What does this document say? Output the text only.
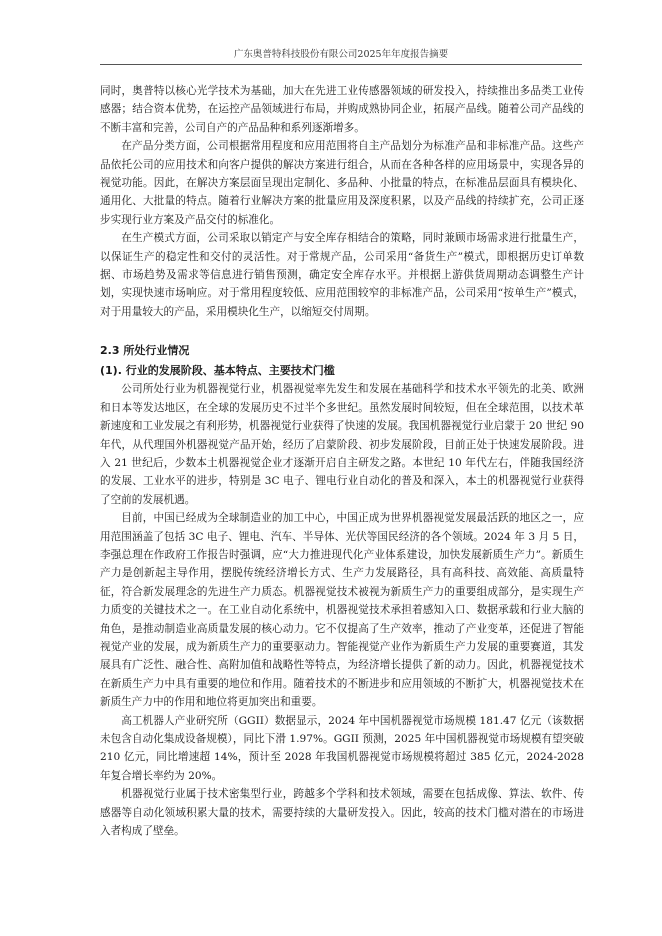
广东奥普特科技股份有限公司2025年年度报告摘要

同时，奥普特以核心光学技术为基础，加大在先进工业传感器领域的研发投入，持续推出多品类工业传感器；结合资本优势，在运控产品领域进行布局，并购成熟协同企业，拓展产品线。随着公司产品线的不断丰富和完善，公司自产的产品品种和系列逐渐增多。

在产品分类方面，公司根据常用程度和应用范围将自主产品划分为标准产品和非标准产品。这些产品依托公司的应用技术和向客户提供的解决方案进行组合，从而在各种各样的应用场景中，实现各异的视觉功能。因此，在解决方案层面呈现出定制化、多品种、小批量的特点，在标准品层面具有模块化、通用化、大批量的特点。随着行业解决方案的批量应用及深度积累，以及产品线的持续扩充，公司正逐步实现行业方案及产品交付的标准化。

在生产模式方面，公司采取以销定产与安全库存相结合的策略，同时兼顾市场需求进行批量生产，以保证生产的稳定性和交付的灵活性。对于常规产品，公司采用“备货生产”模式，即根据历史订单数据、市场趋势及需求等信息进行销售预测，确定安全库存水平。并根据上游供货周期动态调整生产计划，实现快速市场响应。对于常用程度较低、应用范围较窄的非标准产品，公司采用“按单生产”模式，对于用量较大的产品，采用模块化生产，以缩短交付周期。

2.3 所处行业情况
(1). 行业的发展阶段、基本特点、主要技术门槛

公司所处行业为机器视觉行业，机器视觉率先发生和发展在基础科学和技术水平领先的北美、欧洲和日本等发达地区，在全球的发展历史不过半个多世纪。虽然发展时间较短，但在全球范围，以技术革新速度和工业发展之有利形势，机器视觉行业获得了快速的发展。我国机器视觉行业启蒙于 20 世纪 90 年代，从代理国外机器视觉产品开始，经历了启蒙阶段、初步发展阶段，目前正处于快速发展阶段。进入 21 世纪后，少数本土机器视觉企业才逐渐开启自主研发之路。本世纪 10 年代左右，伴随我国经济的发展、工业水平的进步，特别是 3C 电子、锂电行业自动化的普及和深入，本土的机器视觉行业获得了空前的发展机遇。

目前，中国已经成为全球制造业的加工中心，中国正成为世界机器视觉发展最活跃的地区之一，应用范围涵盖了包括 3C 电子、锂电、汽车、半导体、光伏等国民经济的各个领域。2024 年 3 月 5 日，李强总理在作政府工作报告时强调，应“大力推进现代化产业体系建设，加快发展新质生产力”。新质生产力是创新起主导作用，摆脱传统经济增长方式、生产力发展路径，具有高科技、高效能、高质量特征，符合新发展理念的先进生产力质态。机器视觉技术被视为新质生产力的重要组成部分，是实现生产力质变的关键技术之一。在工业自动化系统中，机器视觉技术承担着感知入口、数据承载和行业大脑的角色，是推动制造业高质量发展的核心动力。它不仅提高了生产效率，推动了产业变革，还促进了智能视觉产业的发展，成为新质生产力的重要驱动力。智能视觉产业作为新质生产力发展的重要赛道，其发展具有广泛性、融合性、高附加值和战略性等特点，为经济增长提供了新的动力。因此，机器视觉技术在新质生产力中具有重要的地位和作用。随着技术的不断进步和应用领域的不断扩大，机器视觉技术在新质生产力中的作用和地位将更加突出和重要。

高工机器人产业研究所（GGII）数据显示，2024 年中国机器视觉市场规模 181.47 亿元（该数据未包含自动化集成设备规模），同比下滑 1.97%。GGII 预测，2025 年中国机器视觉市场规模有望突破 210 亿元，同比增速超 14%，预计至 2028 年我国机器视觉市场规模将超过 385 亿元，2024-2028 年复合增长率约为 20%。

机器视觉行业属于技术密集型行业，跨越多个学科和技术领域，需要在包括成像、算法、软件、传感器等自动化领域积累大量的技术，需要持续的大量研发投入。因此，较高的技术门槛对潜在的市场进入者构成了壁垒。
